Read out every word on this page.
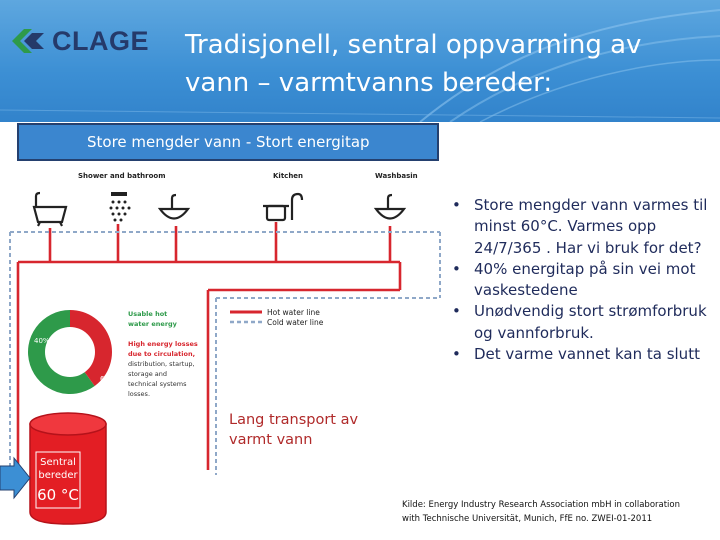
CLAGE Tradisjonell, sentral oppvarming av
vann – varmtvanns bereder:
Store mengder vann - Stort energitap
Shower and bathroom	Kitchen	Washbasin
Hot water line
Cold water line
40%
60 %
Usable hot
water energy
High energy losses
due to circulation,
distribution, startup,
storage and
technical systems
losses.
Sentral
bereder
60 °C
Lang transport av
varmt vann
• Store mengder vann varmes til minst 60°C. Varmes opp 24/7/365 . Har vi bruk for det?
• 40% energitap på sin vei mot vaskestedene
• Unødvendig stort strømforbruk og vannforbruk.
• Det varme vannet kan ta slutt
Kilde: Energy Industry Research Association mbH in collaboration
with Technische Universität, Munich, FfE no. ZWEI-01-2011
